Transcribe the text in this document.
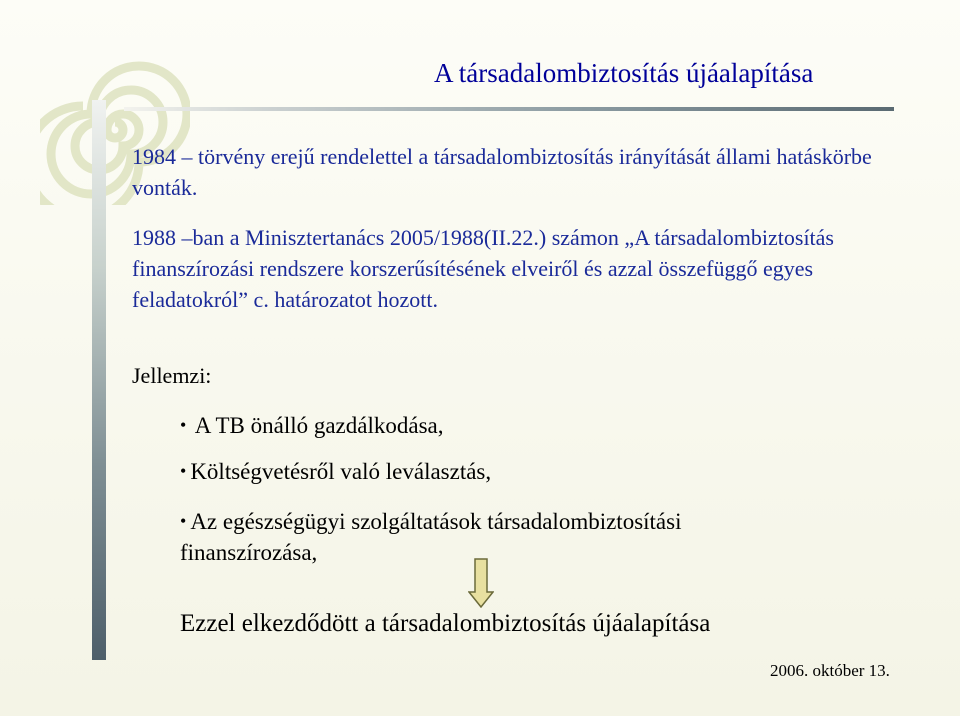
A társadalombiztosítás újáalapítása
1984 – törvény erejű rendelettel a társadalombiztosítás irányítását állami hatáskörbe vonták.
1988 –ban a Minisztertanács 2005/1988(II.22.) számon „A társadalombiztosítás finanszírozási rendszere korszerűsítésének elveiről és azzal összefüggő egyes feladatokról” c. határozatot hozott.
Jellemzi:
• A TB önálló gazdálkodása,
• Költségvetésről való leválasztás,
• Az egészségügyi szolgáltatások társadalombiztosítási finanszírozása,
Ezzel elkezdődött a társadalombiztosítás újáalapítása
2006. október 13.
